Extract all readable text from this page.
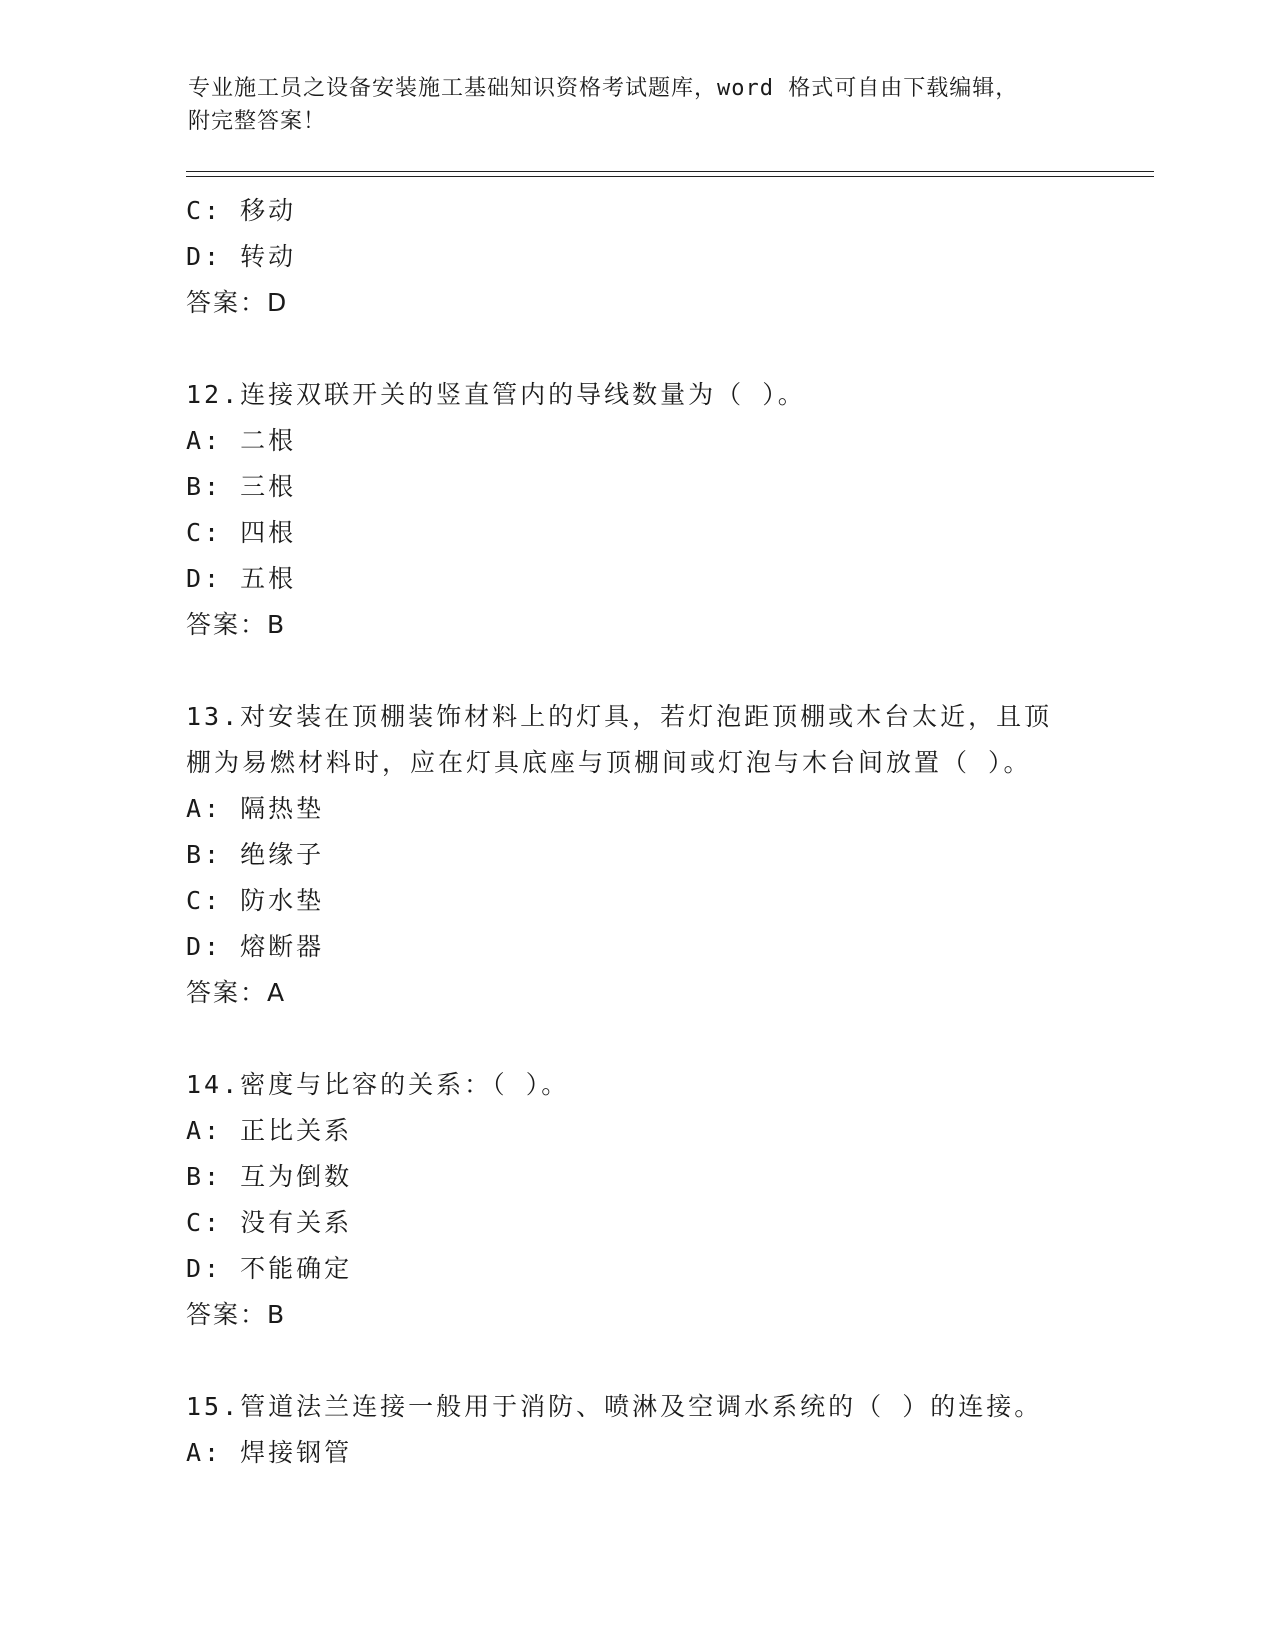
专业施工员之设备安装施工基础知识资格考试题库，word 格式可自由下载编辑，
附完整答案！
C: 移动
D: 转动
答案：D
12.连接双联开关的竖直管内的导线数量为（ ）。
A: 二根
B: 三根
C: 四根
D: 五根
答案：B
13.对安装在顶棚装饰材料上的灯具，若灯泡距顶棚或木台太近，且顶
棚为易燃材料时，应在灯具底座与顶棚间或灯泡与木台间放置（ ）。
A: 隔热垫
B: 绝缘子
C: 防水垫
D: 熔断器
答案：A
14.密度与比容的关系：（ ）。
A: 正比关系
B: 互为倒数
C: 没有关系
D: 不能确定
答案：B
15.管道法兰连接一般用于消防、喷淋及空调水系统的（ ）的连接。
A: 焊接钢管
